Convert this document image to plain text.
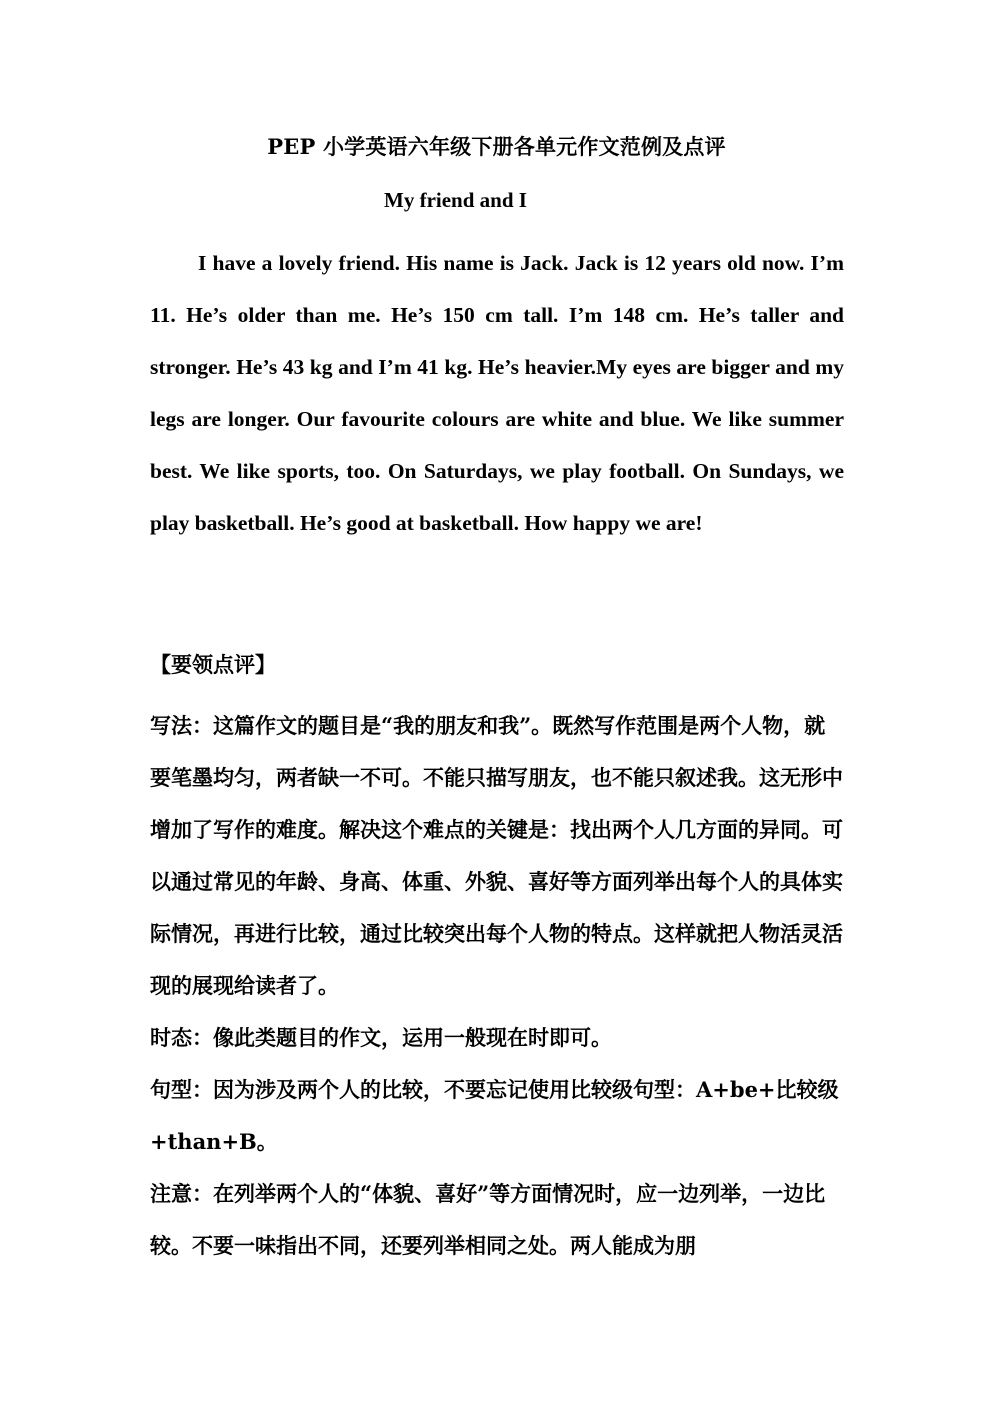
PEP 小学英语六年级下册各单元作文范例及点评
My friend and I

I have a lovely friend. His name is Jack. Jack is 12 years old now. I’m 11. He’s older than me. He’s 150 cm tall. I’m 148 cm. He’s taller and stronger. He’s 43 kg and I’m 41 kg. He’s heavier.My eyes are bigger and my legs are longer. Our favourite colours are white and blue. We like summer best. We like sports, too. On Saturdays, we play football. On Sundays, we play basketball. He’s good at basketball. How happy we are!

【要领点评】

写法：这篇作文的题目是“我的朋友和我”。既然写作范围是两个人物，就要笔墨均匀，两者缺一不可。不能只描写朋友，也不能只叙述我。这无形中增加了写作的难度。解决这个难点的关键是：找出两个人几方面的异同。可以通过常见的年龄、身高、体重、外貌、喜好等方面列举出每个人的具体实际情况，再进行比较，通过比较突出每个人物的特点。这样就把人物活灵活现的展现给读者了。

时态：像此类题目的作文，运用一般现在时即可。

句型：因为涉及两个人的比较，不要忘记使用比较级句型：A+be+比较级+than+B。

注意：在列举两个人的“体貌、喜好”等方面情况时，应一边列举，一边比较。不要一味指出不同，还要列举相同之处。两人能成为朋
